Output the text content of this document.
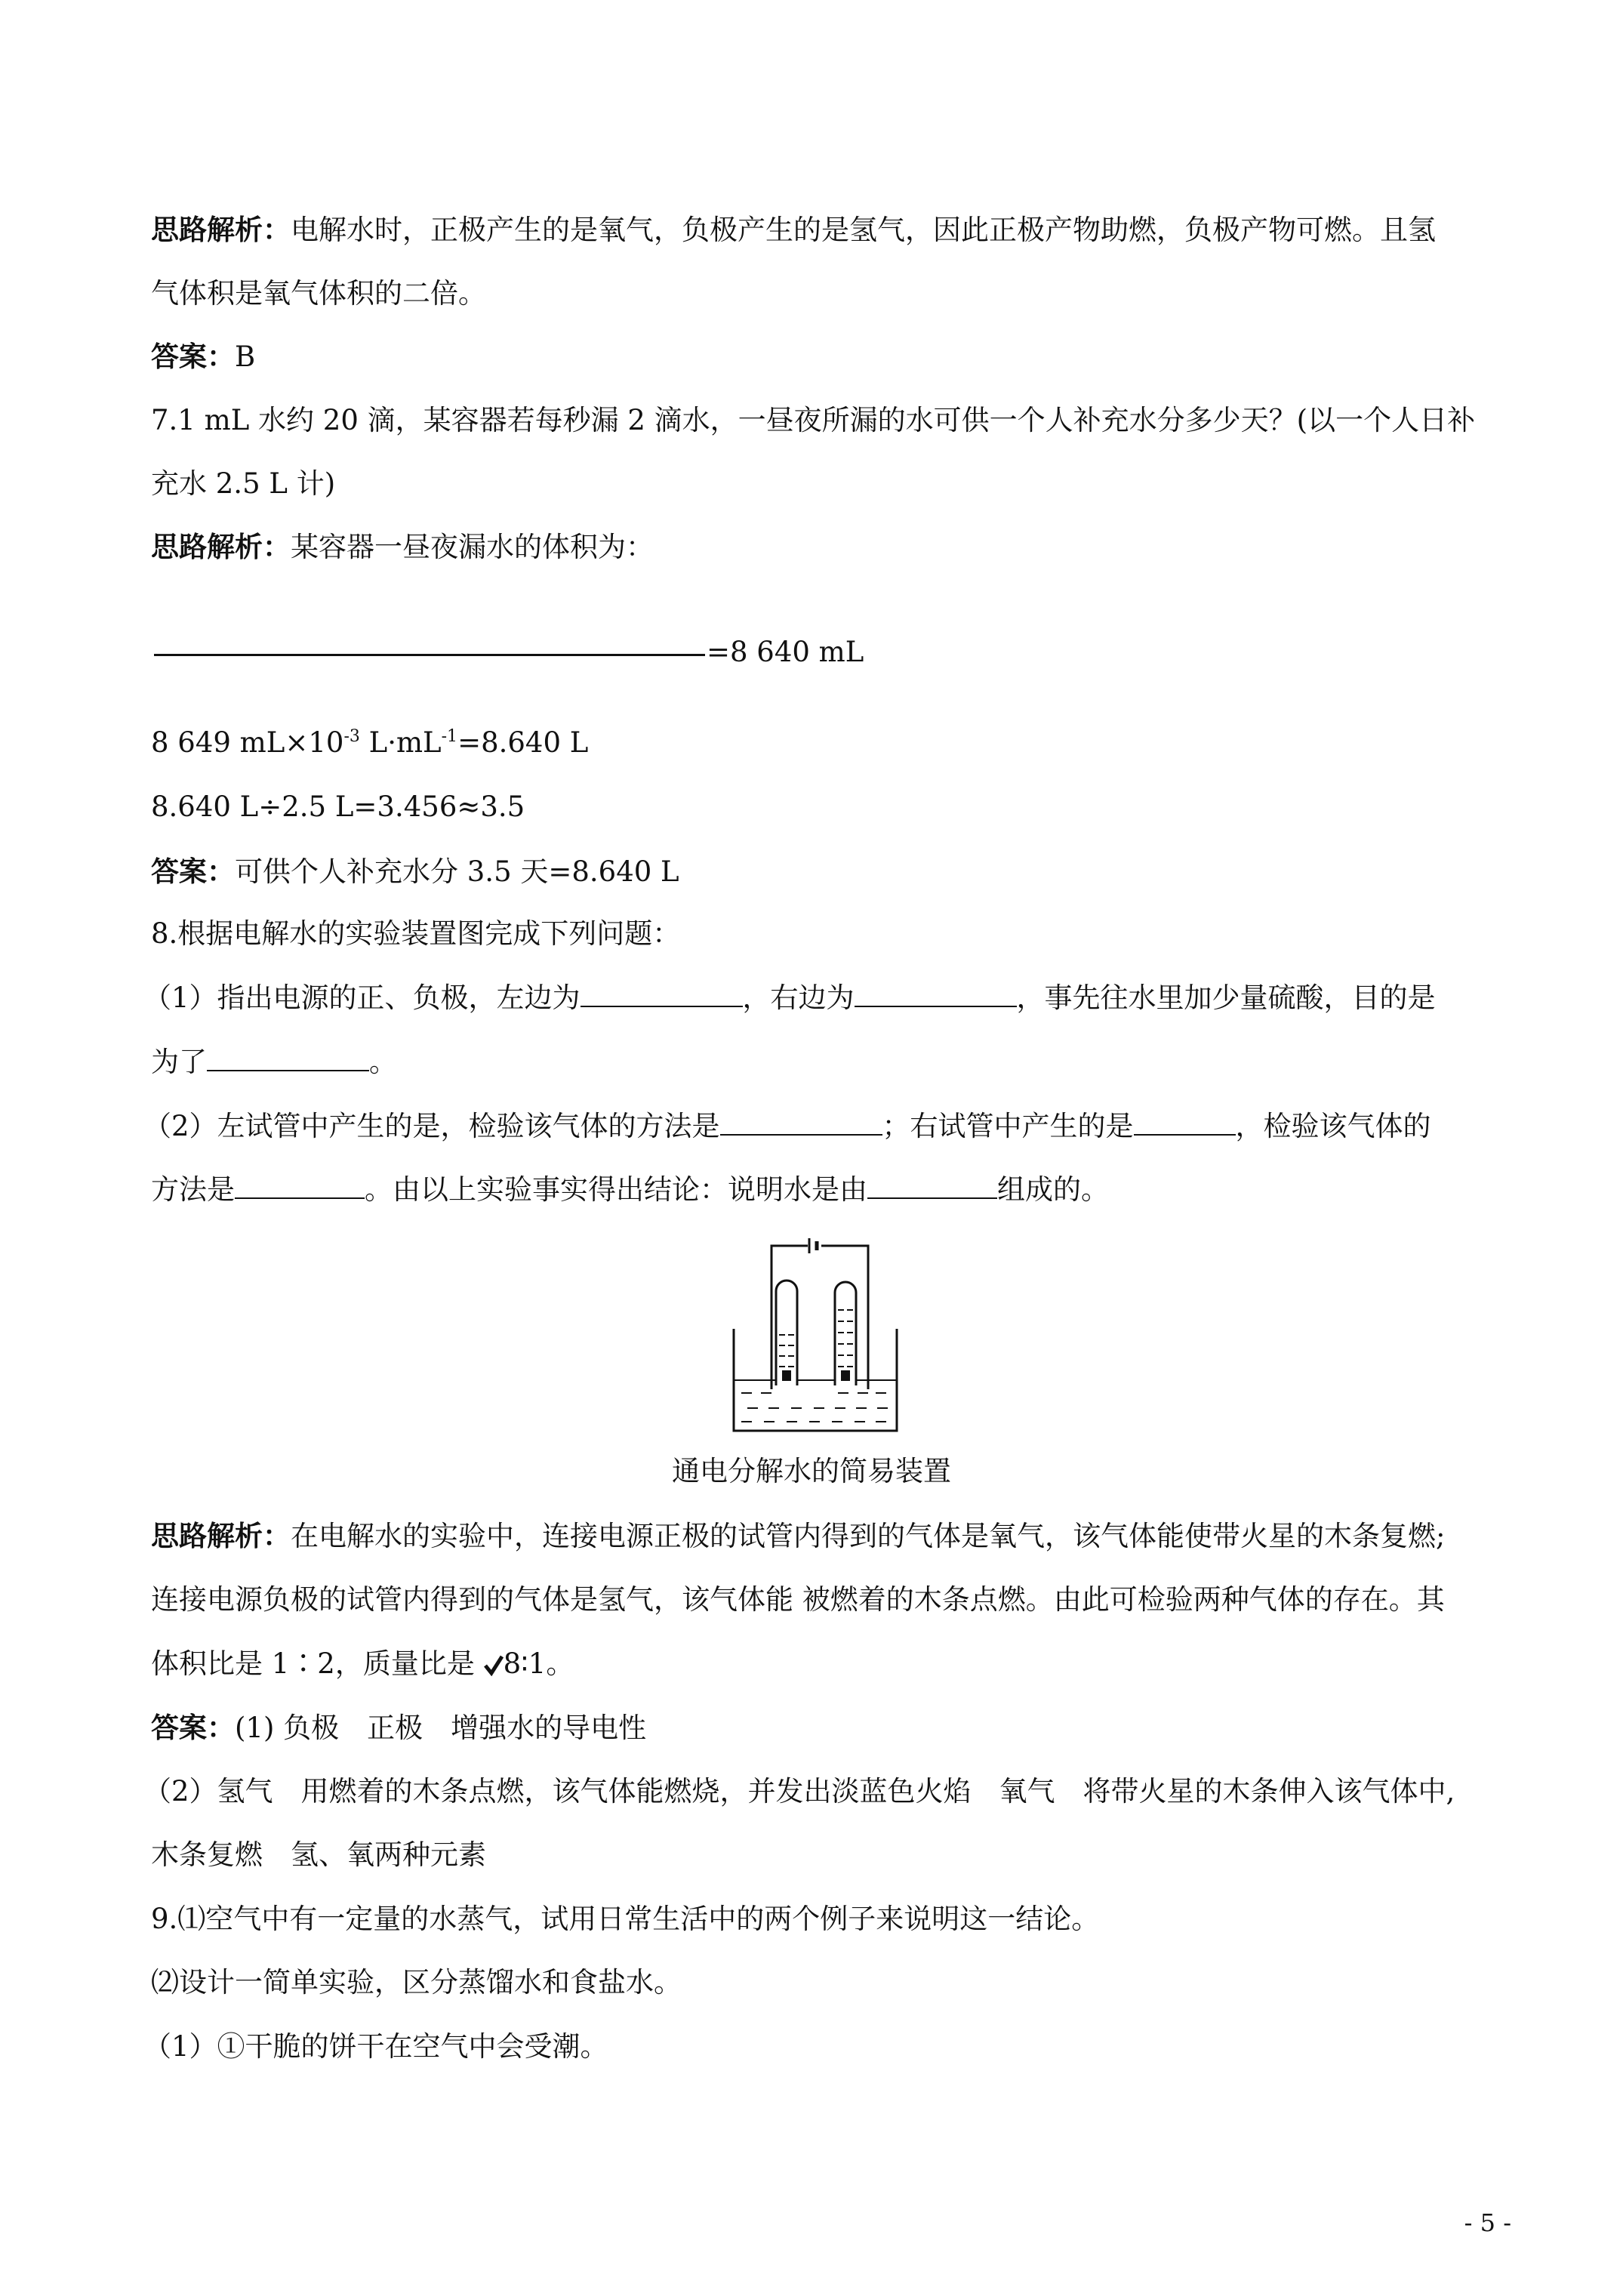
思路解析：电解水时，正极产生的是氧气，负极产生的是氢气，因此正极产物助燃，负极产物可燃。且氢
气体积是氧气体积的二倍。
答案：B
7.1 mL 水约 20 滴，某容器若每秒漏 2 滴水，一昼夜所漏的水可供一个人补充水分多少天？(以一个人日补
充水 2.5 L 计)
思路解析：某容器一昼夜漏水的体积为：
=8 640 mL
8 649 $mL\times 10^{-3}$ $L\cdot mL^{-1}=8.640$ L
8.640 L÷2.5 L=3.456≈3.5
答案：可供个人补充水分 3.5 天=8.640 L
8.根据电解水的实验装置图完成下列问题：
（1）指出电源的正、负极，左边为	，右边为	，事先往水里加少量硫酸，目的是
为了	。
（2）左试管中产生的是，检验该气体的方法是	；右试管中产生的是	，检验该气体的
方法是	。由以上实验事实得出结论：说明水是由	组成的。
通电分解水的简易装置
思路解析：在电解水的实验中，连接电源正极的试管内得到的气体是氧气，该气体能使带火星的木条复燃;
连接电源负极的试管内得到的气体是氢气，该气体能 被燃着的木条点燃。由此可检验两种气体的存在。其
体积比是 1∶2，质量比是 8∶1。
答案：(1) 负极　正极　增强水的导电性
（2）氢气　用燃着的木条点燃，该气体能燃烧，并发出淡蓝色火焰　氧气　将带火星的木条伸入该气体中,
木条复燃　氢、氧两种元素
9.⑴空气中有一定量的水蒸气，试用日常生活中的两个例子来说明这一结论。
⑵设计一简单实验，区分蒸馏水和食盐水。
（1）①干脆的饼干在空气中会受潮。
- 5 -
